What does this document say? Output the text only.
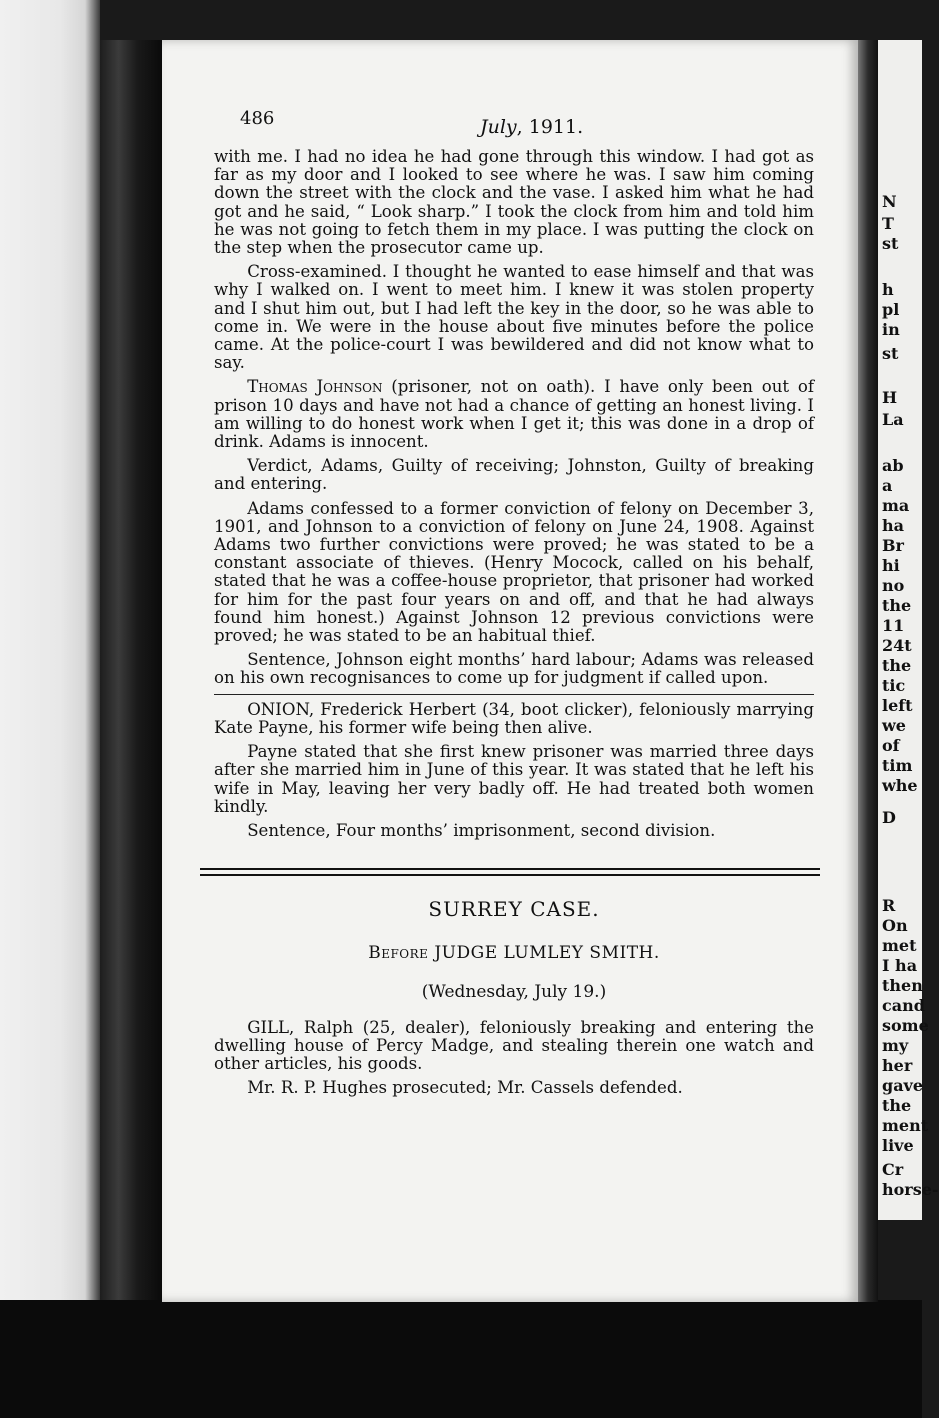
N
T
st
h
pl
in
st
H
La
ab
a
ma
ha
Br
hi
no
the
11
24t
the
tic
left
we
of
tim
whe
D
R
On
met
I ha
then
cand
some
my
her
gave
the
ment
live
Cr
horse-
486	July, 1911.

with me. I had no idea he had gone through this window. I had got as far as my door and I looked to see where he was. I saw him coming down the street with the clock and the vase. I asked him what he had got and he said, “ Look sharp.” I took the clock from him and told him he was not going to fetch them in my place. I was putting the clock on the step when the prosecutor came up.

Cross-examined. I thought he wanted to ease himself and that was why I walked on. I went to meet him. I knew it was stolen property and I shut him out, but I had left the key in the door, so he was able to come in. We were in the house about five minutes before the police came. At the police-court I was bewildered and did not know what to say.

Thomas Johnson (prisoner, not on oath). I have only been out of prison 10 days and have not had a chance of getting an honest living. I am willing to do honest work when I get it; this was done in a drop of drink. Adams is innocent.

Verdict, Adams, Guilty of receiving; Johnston, Guilty of breaking and entering.

Adams confessed to a former conviction of felony on December 3, 1901, and Johnson to a conviction of felony on June 24, 1908. Against Adams two further convictions were proved; he was stated to be a constant associate of thieves. (Henry Mocock, called on his behalf, stated that he was a coffee-house proprietor, that prisoner had worked for him for the past four years on and off, and that he had always found him honest.) Against Johnson 12 previous convictions were proved; he was stated to be an habitual thief.

Sentence, Johnson eight months’ hard labour; Adams was released on his own recognisances to come up for judgment if called upon.

ONION, Frederick Herbert (34, boot clicker), feloniously marrying Kate Payne, his former wife being then alive.

Payne stated that she first knew prisoner was married three days after she married him in June of this year. It was stated that he left his wife in May, leaving her very badly off. He had treated both women kindly.

Sentence, Four months’ imprisonment, second division.

SURREY CASE.
Before JUDGE LUMLEY SMITH.
(Wednesday, July 19.)

GILL, Ralph (25, dealer), feloniously breaking and entering the dwelling house of Percy Madge, and stealing therein one watch and other articles, his goods.

Mr. R. P. Hughes prosecuted; Mr. Cassels defended.
